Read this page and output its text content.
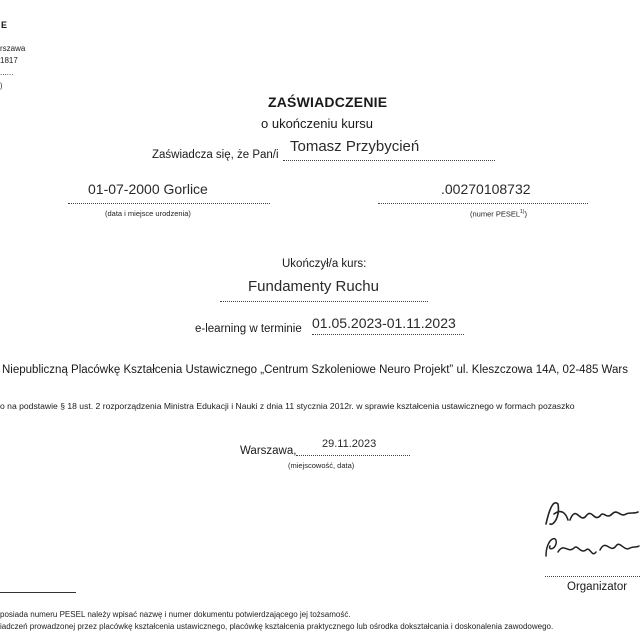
E
rszawa
1817
......
)
ZAŚWIADCZENIE
o ukończeniu kursu
Zaświadcza się, że Pan/i Tomasz Przybycień
01-07-2000 Gorlice
(data i miejsce urodzenia)
.00270108732
(numer PESEL$^{1)}$)
Ukończył/a kurs:
Fundamenty Ruchu
e-learning w terminie 01.05.2023-01.11.2023
Niepubliczną Placówkę Kształcenia Ustawicznego „Centrum Szkoleniowe Neuro Projekt” ul. Kleszczowa 14A, 02-485 Wars
o na podstawie § 18 ust. 2 rozporządzenia Ministra Edukacji i Nauki z dnia 11 stycznia 2012r. w sprawie kształcenia ustawicznego w formach pozaszko
Warszawa,
29.11.2023
(miejscowość, data)
Organizator
posiada numeru PESEL należy wpisać nazwę i numer dokumentu potwierdzającego jej tożsamość.
iadczeń prowadzonej przez placówkę kształcenia ustawicznego, placówkę kształcenia praktycznego lub ośrodka dokształcania i doskonalenia zawodowego.
